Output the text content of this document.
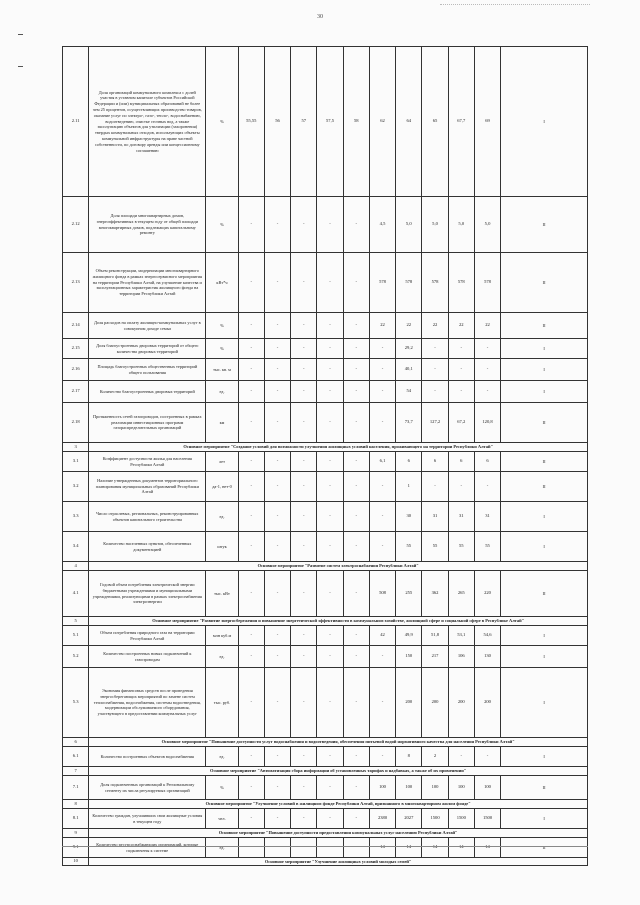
30
2.11	Доля организаций коммунального комплекса с долей участия в уставном капитале субъектов Российской Федерации и (или) муниципальных образований не более чем 25 процентов, осуществляющих производство товаров, оказание услуг по электро-, газо-, тепло-, водоснабжению, водоотведению, очистке сточных вод, а также эксплуатацию объектов для утилизации (захоронения) твердых коммунальных отходов, использующих объекты коммунальной инфраструктуры на праве частной собственности, по договору аренды или концессионному соглашению	%	55,55	56	57	57,5	58	62	64	65	67,7	69	I
2.12	Доля площади многоквартирных домов, энергоэффективных в текущем году от общей площади многоквартирных домов, подлежащих капитальному ремонту	%	-	-	-	-	-	4,5	5,0	5,0	5,0	5,0	II
2.13	Объем реконструкции, модернизации многоквартирного жилищного фонда в рамках энергосервисного мероприятия на территории Республики Алтай, на улучшение качества и эксплуатационных характеристик жилищного фонда на территории Республики Алтай	кВт*ч	-	-	-	-	-	578	578	578	578	578	II
2.14	Доля расходов на оплату жилищно-коммунальных услуг в совокупном доходе семьи	%	-	-	-	-	-	22	22	22	22	22	II
2.15	Доля благоустроенных дворовых территорий от общего количества дворовых территорий	%	-	-	-	-	-	-	29,2	-	-	-	I
2.16	Площадь благоустроенных общественных территорий общего пользования	тыс. кв. м	-	-	-	-	-	-	40,1	-	-	-	I
2.17	Количество благоустроенных дворовых территорий	ед.	-	-	-	-	-	-	54	-	-	-	I
2.18	Протяженность сетей газопроводов, построенных в рамках реализации инвестиционных программ газораспределительных организаций	км	-	-	-	-	-	-	73,7	127,2	67,2	120,8	II
3	Основное мероприятие "Создание условий для возможности улучшения жилищных условий населения, проживающего на территории Республики Алтай"												
3.1	Коэффициент доступности жилья для населения Республики Алтай	лет	-	-	-	-	-	6,1	6	6	6	6	II
3.2	Наличие утвержденных документов территориального планирования муниципальных образований Республики Алтай	да-1, нет-0	-	-	-	-	-	-	1	-	-	-	II
3.3	Число отраслевых, региональных, реконструированных объектов капитального строительства	ед.	-	-	-	-	-	-	30	31	31	31	I
3.4	Количество населенных пунктов, обеспеченных документацией	штук	-	-	-	-	-	-	55	55	55	55	I
4	Основное мероприятие "Развитие систем электроснабжения Республики Алтай"												
4.1	Годовой объем потребления электрической энергии бюджетными учреждениями и муниципальными учреждениями, реализующими в рамках электроснабжения электроэнергии	тыс. кВт	-	-	-	-	-	508	255	362	265	220	II
5	Основное мероприятие "Развитие энергосбережения и повышение энергетической эффективности в коммунальном хозяйстве, жилищной сфере и социальной сфере в Республике Алтай"												
5.1	Объем потребления природного газа на территории Республики Алтай	млн куб.м	-	-	-	-	-	42	49,9	51,8	53,1	54,6	I
5.2	Количество построенных новых подключений к газопроводам	ед.	-	-	-	-	-	-	150	217	106	130	I
5.3	Экономия финансовых средств после проведения энергосберегающих мероприятий по замене систем теплоснабжения, водоснабжения, системы водоотведения, модернизации обслуживаемого оборудования, участвующего в предоставлении коммунальных услуг	тыс. руб.	-	-	-	-	-	-	200	200	200	200	I
6	Основное мероприятие "Повышение доступности услуг водоснабжения и водоотведения, обеспечения питьевой водой нормативного качества для населения Республики Алтай"												
6.1	Количество построенных объектов водоснабжения	ед.	-	-	-	-	-	-	8	2	-	-	I
7	Основное мероприятие "Автоматизация сбора информации об установленных тарифах и надбавках, а также об их применении"												
7.1	Доля подключенных организаций к Региональному сегменту их числа регулируемых организаций	%	-	-	-	-	-	100	100	100	100	100	II
8	Основное мероприятие "Улучшение условий в жилищном фонде Республики Алтай, признанного в многоквартирном жилом фонде"												
8.1	Количество граждан, улучшивших свои жилищные условия в текущем году	чел.	-	-	-	-	-	2380	2027	1500	1500	1500	I
9	Основное мероприятие "Повышение доступности предоставления коммунальных услуг населению Республики Алтай"												
9.1	Количество ресурсоснабжающих организаций, которые подключены к системе	ед.	-	-	-	-	-	14	14	14	14	14	II
10	Основное мероприятие "Улучшение жилищных условий молодых семей"												
